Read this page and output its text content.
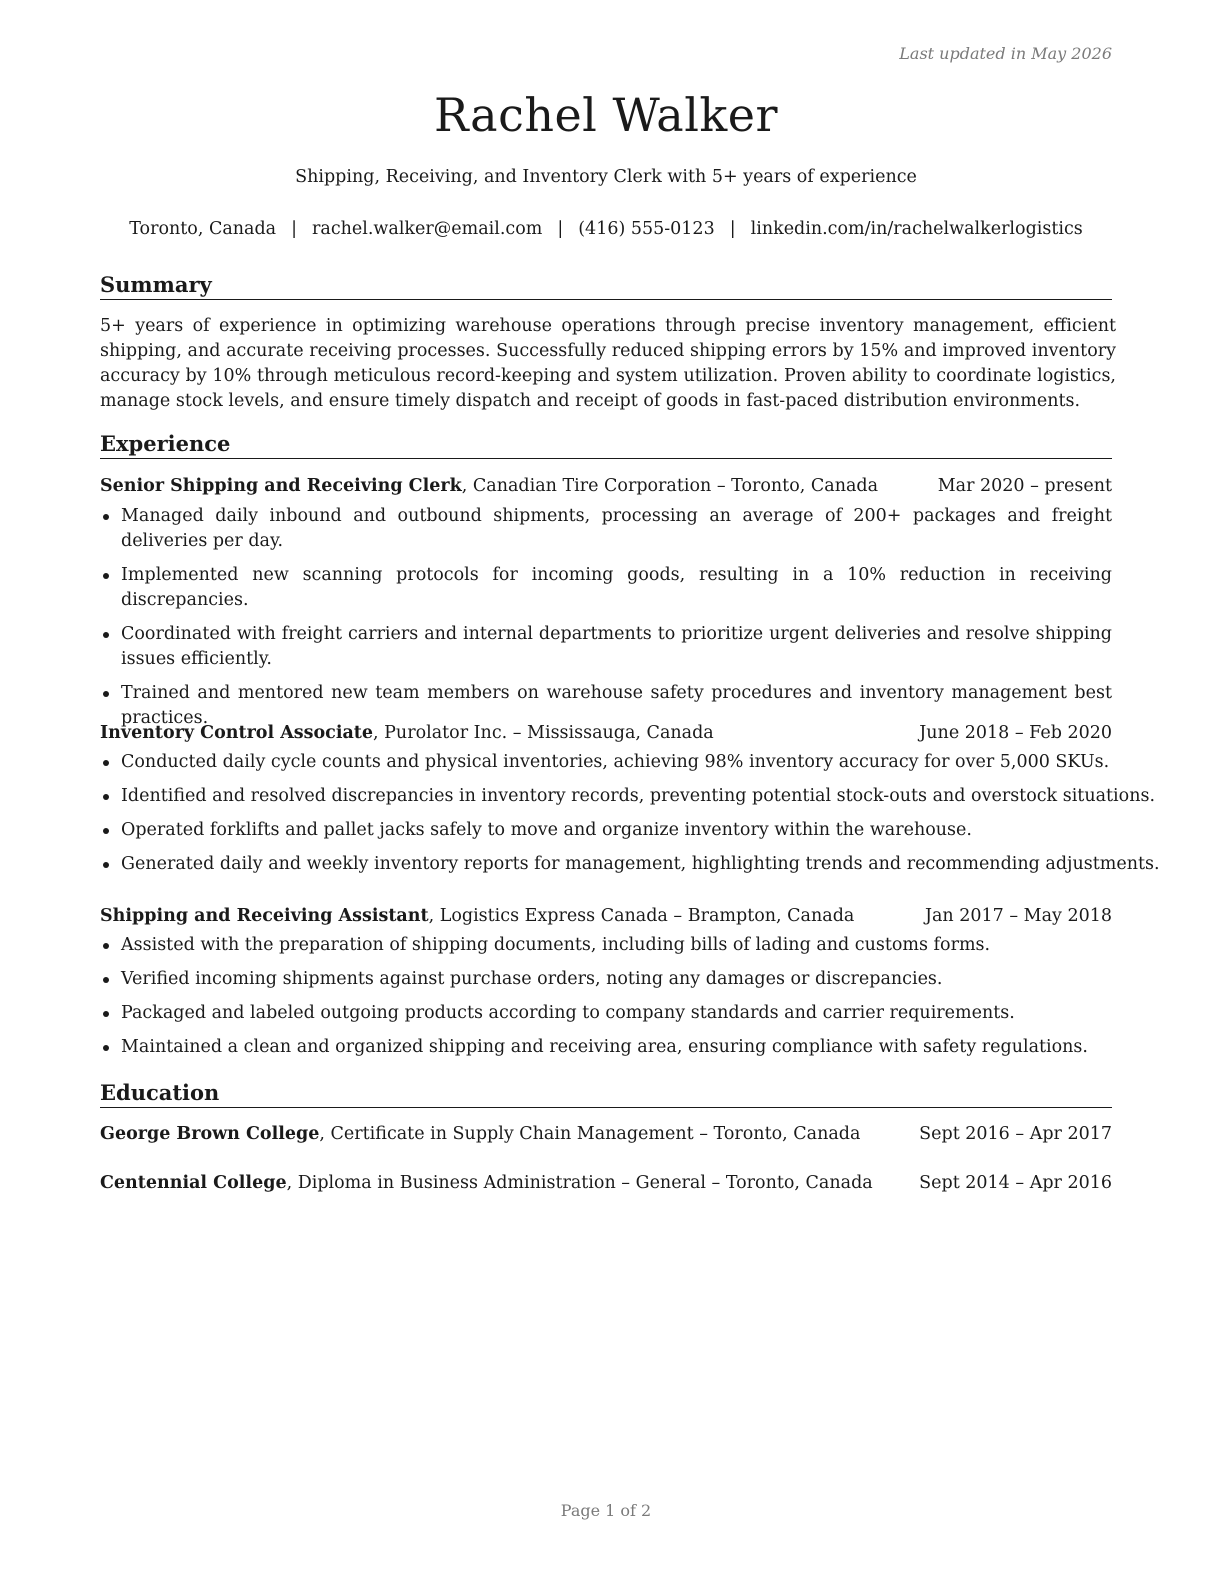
Last updated in May 2026
Rachel Walker
Shipping, Receiving, and Inventory Clerk with 5+ years of experience
Toronto, Canada | rachel.walker@email.com | (416) 555-0123 | linkedin.com/in/rachelwalkerlogistics
Summary
5+ years of experience in optimizing warehouse operations through precise inventory management, efficient shipping, and accurate receiving processes. Successfully reduced shipping errors by 15% and improved inventory accuracy by 10% through meticulous record-keeping and system utilization. Proven ability to coordinate logistics, manage stock levels, and ensure timely dispatch and receipt of goods in fast-paced distribution environments.
Experience
Senior Shipping and Receiving Clerk, Canadian Tire Corporation – Toronto, Canada	Mar 2020 – present
Managed daily inbound and outbound shipments, processing an average of 200+ packages and freight deliveries per day.
Implemented new scanning protocols for incoming goods, resulting in a 10% reduction in receiving discrepancies.
Coordinated with freight carriers and internal departments to prioritize urgent deliveries and resolve shipping issues efficiently.
Trained and mentored new team members on warehouse safety procedures and inventory management best practices.
Inventory Control Associate, Purolator Inc. – Mississauga, Canada	June 2018 – Feb 2020
Conducted daily cycle counts and physical inventories, achieving 98% inventory accuracy for over 5,000 SKUs.
Identified and resolved discrepancies in inventory records, preventing potential stock-outs and overstock situations.
Operated forklifts and pallet jacks safely to move and organize inventory within the warehouse.
Generated daily and weekly inventory reports for management, highlighting trends and recommending adjustments.
Shipping and Receiving Assistant, Logistics Express Canada – Brampton, Canada	Jan 2017 – May 2018
Assisted with the preparation of shipping documents, including bills of lading and customs forms.
Verified incoming shipments against purchase orders, noting any damages or discrepancies.
Packaged and labeled outgoing products according to company standards and carrier requirements.
Maintained a clean and organized shipping and receiving area, ensuring compliance with safety regulations.
Education
George Brown College, Certificate in Supply Chain Management – Toronto, Canada	Sept 2016 – Apr 2017
Centennial College, Diploma in Business Administration – General – Toronto, Canada	Sept 2014 – Apr 2016
Page 1 of 2
